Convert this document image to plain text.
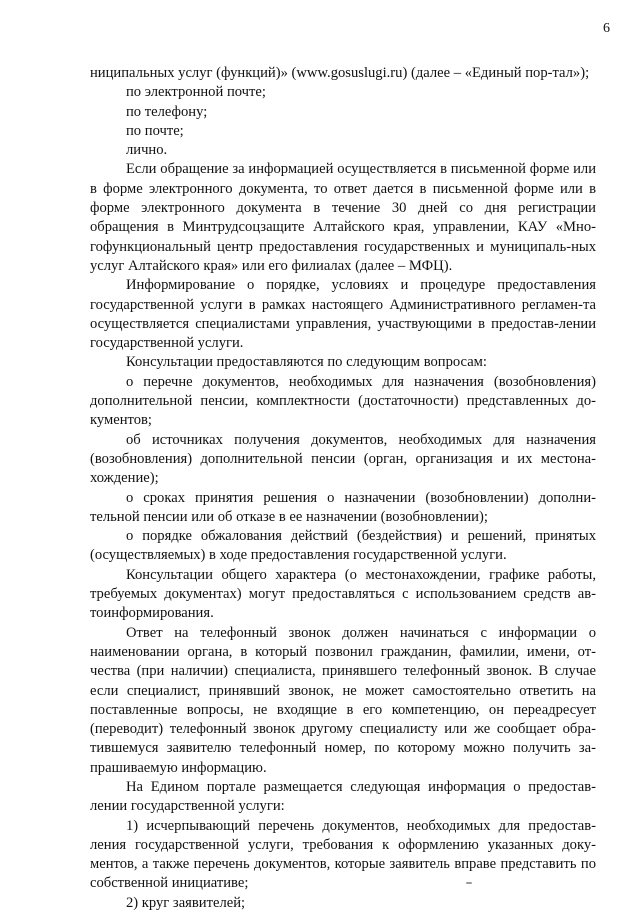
6

ниципальных услуг (функций)» (www.gosuslugi.ru) (далее – «Единый пор-тал»);

по электронной почте;

по телефону;

по почте;

лично.

Если обращение за информацией осуществляется в письменной форме или в форме электронного документа, то ответ дается в письменной форме или в форме электронного документа в течение 30 дней со дня регистрации обращения в Минтрудсоцзащите Алтайского края, управлении, КАУ «Мно-гофункциональный центр предоставления государственных и муниципаль-ных услуг Алтайского края» или его филиалах (далее – МФЦ).

Информирование о порядке, условиях и процедуре предоставления государственной услуги в рамках настоящего Административного регламен-та осуществляется специалистами управления, участвующими в предостав-лении государственной услуги.

Консультации предоставляются по следующим вопросам:

о перечне документов, необходимых для назначения (возобновления) дополнительной пенсии, комплектности (достаточности) представленных до-кументов;

об источниках получения документов, необходимых для назначения (возобновления) дополнительной пенсии (орган, организация и их местона-хождение);

о сроках принятия решения о назначении (возобновлении) дополни-тельной пенсии или об отказе в ее назначении (возобновлении);

о порядке обжалования действий (бездействия) и решений, принятых (осуществляемых) в ходе предоставления государственной услуги.

Консультации общего характера (о местонахождении, графике работы, требуемых документах) могут предоставляться с использованием средств ав-тоинформирования.

Ответ на телефонный звонок должен начинаться с информации о наименовании органа, в который позвонил гражданин, фамилии, имени, от-чества (при наличии) специалиста, принявшего телефонный звонок. В случае если специалист, принявший звонок, не может самостоятельно ответить на поставленные вопросы, не входящие в его компетенцию, он переадресует (переводит) телефонный звонок другому специалисту или же сообщает обра-тившемуся заявителю телефонный номер, по которому можно получить за-прашиваемую информацию.

На Едином портале размещается следующая информация о предостав-лении государственной услуги:

1) исчерпывающий перечень документов, необходимых для предостав-ления государственной услуги, требования к оформлению указанных доку-ментов, а также перечень документов, которые заявитель вправе представить по собственной инициативе;

2) круг заявителей;
